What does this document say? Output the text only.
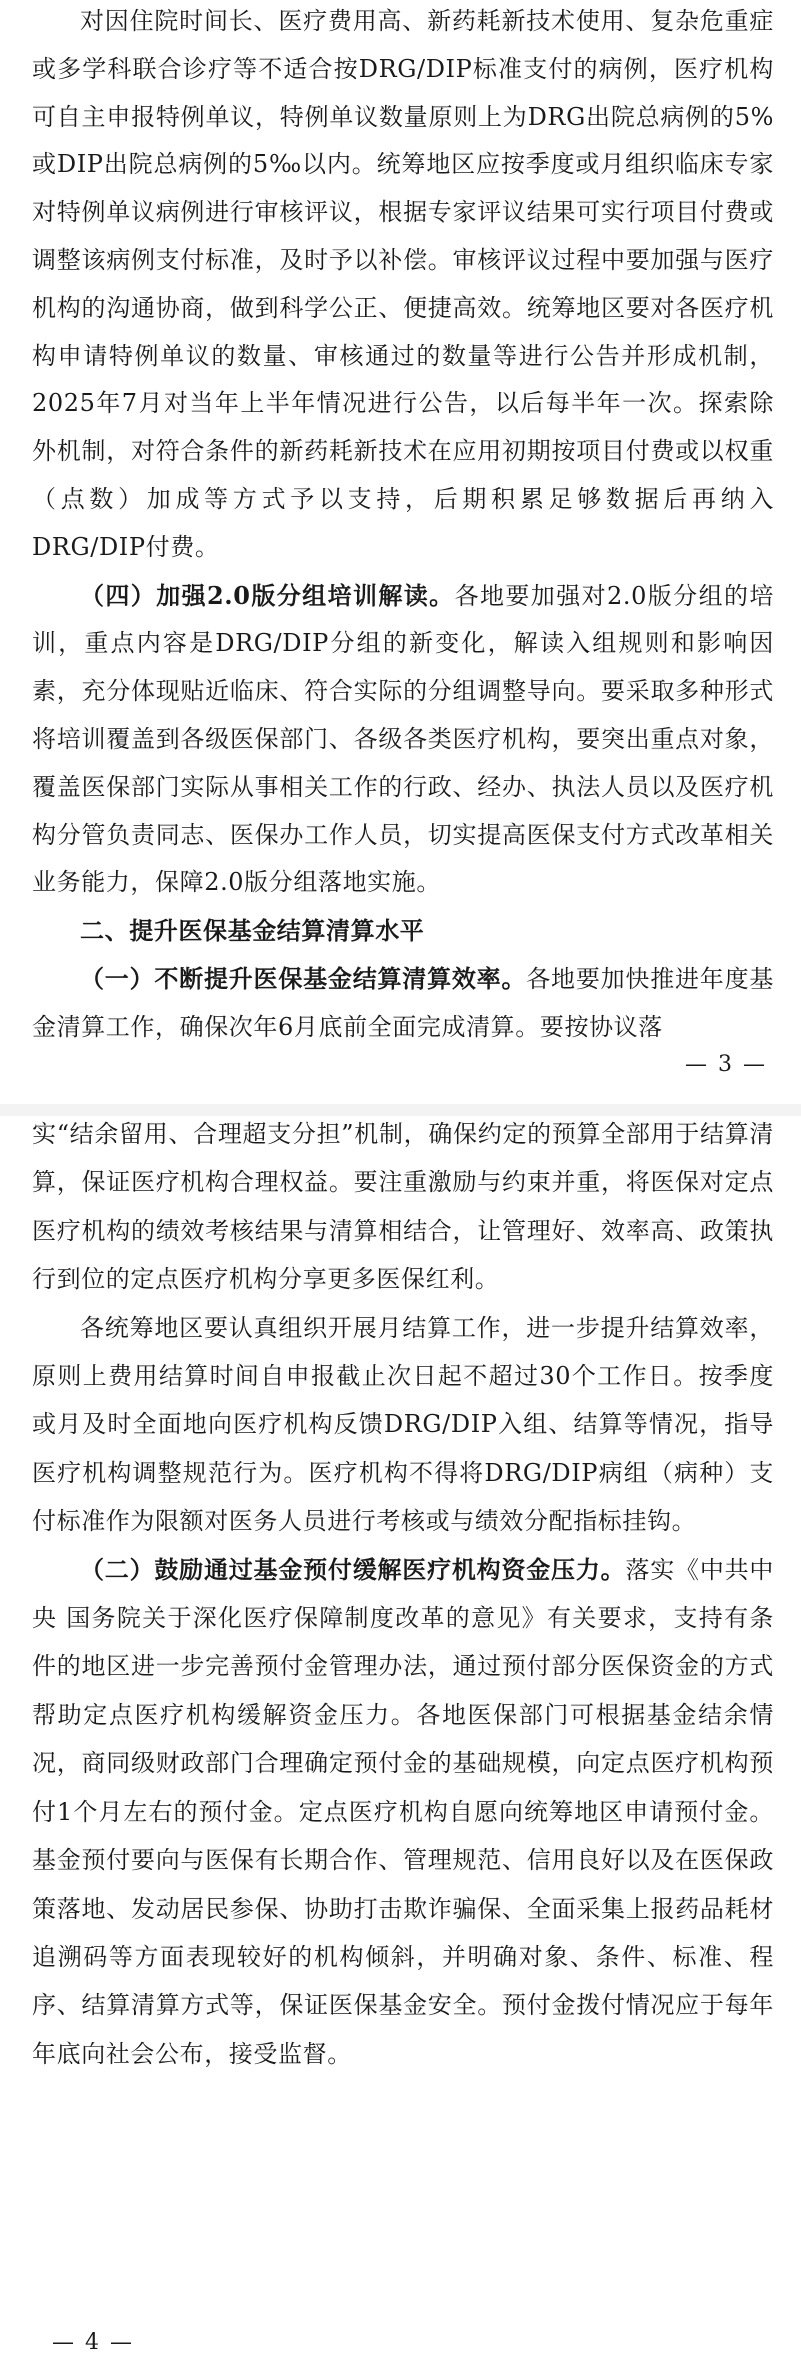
对因住院时间长、医疗费用高、新药耗新技术使用、复杂危重症或多学科联合诊疗等不适合按DRG/DIP标准支付的病例，医疗机构可自主申报特例单议，特例单议数量原则上为DRG出院总病例的5%或DIP出院总病例的5‰以内。统筹地区应按季度或月组织临床专家对特例单议病例进行审核评议，根据专家评议结果可实行项目付费或调整该病例支付标准，及时予以补偿。审核评议过程中要加强与医疗机构的沟通协商，做到科学公正、便捷高效。统筹地区要对各医疗机构申请特例单议的数量、审核通过的数量等进行公告并形成机制，2025年7月对当年上半年情况进行公告，以后每半年一次。探索除外机制，对符合条件的新药耗新技术在应用初期按项目付费或以权重（点数）加成等方式予以支持，后期积累足够数据后再纳入DRG/DIP付费。

（四）加强2.0版分组培训解读。各地要加强对2.0版分组的培训，重点内容是DRG/DIP分组的新变化，解读入组规则和影响因素，充分体现贴近临床、符合实际的分组调整导向。要采取多种形式将培训覆盖到各级医保部门、各级各类医疗机构，要突出重点对象，覆盖医保部门实际从事相关工作的行政、经办、执法人员以及医疗机构分管负责同志、医保办工作人员，切实提高医保支付方式改革相关业务能力，保障2.0版分组落地实施。

二、提升医保基金结算清算水平

（一）不断提升医保基金结算清算效率。各地要加快推进年度基金清算工作，确保次年6月底前全面完成清算。要按协议落

— 3 —

实“结余留用、合理超支分担”机制，确保约定的预算全部用于结算清算，保证医疗机构合理权益。要注重激励与约束并重，将医保对定点医疗机构的绩效考核结果与清算相结合，让管理好、效率高、政策执行到位的定点医疗机构分享更多医保红利。

各统筹地区要认真组织开展月结算工作，进一步提升结算效率，原则上费用结算时间自申报截止次日起不超过30个工作日。按季度或月及时全面地向医疗机构反馈DRG/DIP入组、结算等情况，指导医疗机构调整规范行为。医疗机构不得将DRG/DIP病组（病种）支付标准作为限额对医务人员进行考核或与绩效分配指标挂钩。

（二）鼓励通过基金预付缓解医疗机构资金压力。落实《中共中央 国务院关于深化医疗保障制度改革的意见》有关要求，支持有条件的地区进一步完善预付金管理办法，通过预付部分医保资金的方式帮助定点医疗机构缓解资金压力。各地医保部门可根据基金结余情况，商同级财政部门合理确定预付金的基础规模，向定点医疗机构预付1个月左右的预付金。定点医疗机构自愿向统筹地区申请预付金。基金预付要向与医保有长期合作、管理规范、信用良好以及在医保政策落地、发动居民参保、协助打击欺诈骗保、全面采集上报药品耗材追溯码等方面表现较好的机构倾斜，并明确对象、条件、标准、程序、结算清算方式等，保证医保基金安全。预付金拨付情况应于每年年底向社会公布，接受监督。

— 4 —
